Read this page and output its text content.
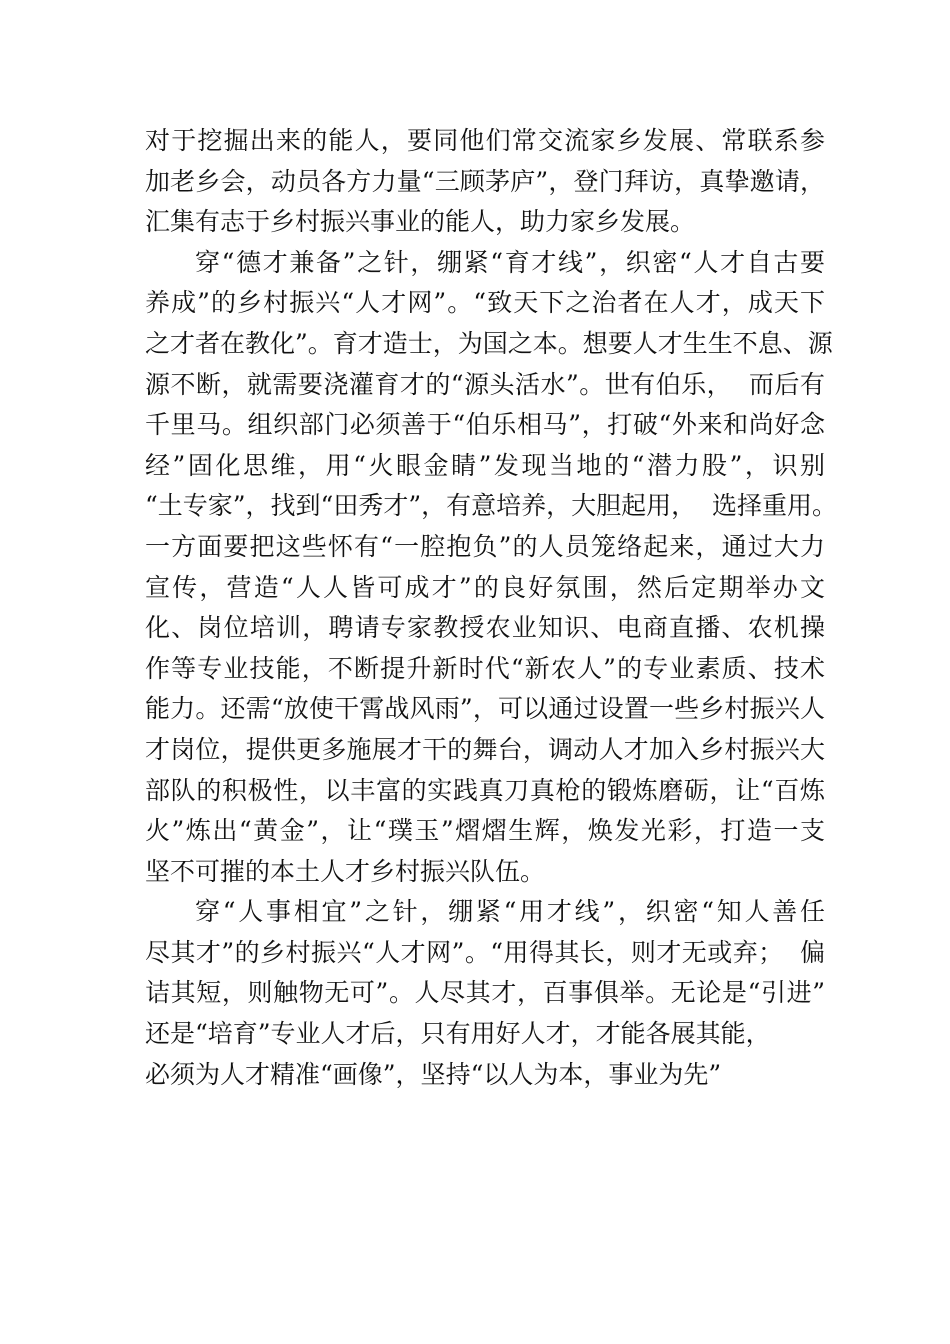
对于挖掘出来的能人，要同他们常交流家乡发展、常联系参
加老乡会，动员各方力量“三顾茅庐”，登门拜访，真挚邀请，
汇集有志于乡村振兴事业的能人，助力家乡发展。
穿“德才兼备”之针，绷紧“育才线”，织密“人才自古要
养成”的乡村振兴“人才网”。“致天下之治者在人才，成天下
之才者在教化”。育才造士，为国之本。想要人才生生不息、源
源不断，就需要浇灌育才的“源头活水”。世有伯乐，  而后有
千里马。组织部门必须善于“伯乐相马”，打破“外来和尚好念
经”固化思维，用“火眼金睛”发现当地的“潜力股”，识别
“土专家”，找到“田秀才”，有意培养，大胆起用，  选择重用。
一方面要把这些怀有“一腔抱负”的人员笼络起来，通过大力
宣传，营造“人人皆可成才”的良好氛围，然后定期举办文
化、岗位培训，聘请专家教授农业知识、电商直播、农机操
作等专业技能，不断提升新时代“新农人”的专业素质、技术
能力。还需“放使干霄战风雨”，可以通过设置一些乡村振兴人
才岗位，提供更多施展才干的舞台，调动人才加入乡村振兴大
部队的积极性，以丰富的实践真刀真枪的锻炼磨砺，让“百炼
火”炼出“黄金”，让“璞玉”熠熠生辉，焕发光彩，打造一支
坚不可摧的本土人才乡村振兴队伍。
穿“人事相宜”之针，绷紧“用才线”，织密“知人善任
尽其才”的乡村振兴“人才网”。“用得其长，则才无或弃；  偏
诘其短，则触物无可”。人尽其才，百事俱举。无论是“引进”
还是“培育”专业人才后，只有用好人才，才能各展其能，
必须为人才精准“画像”，坚持“以人为本，事业为先”
